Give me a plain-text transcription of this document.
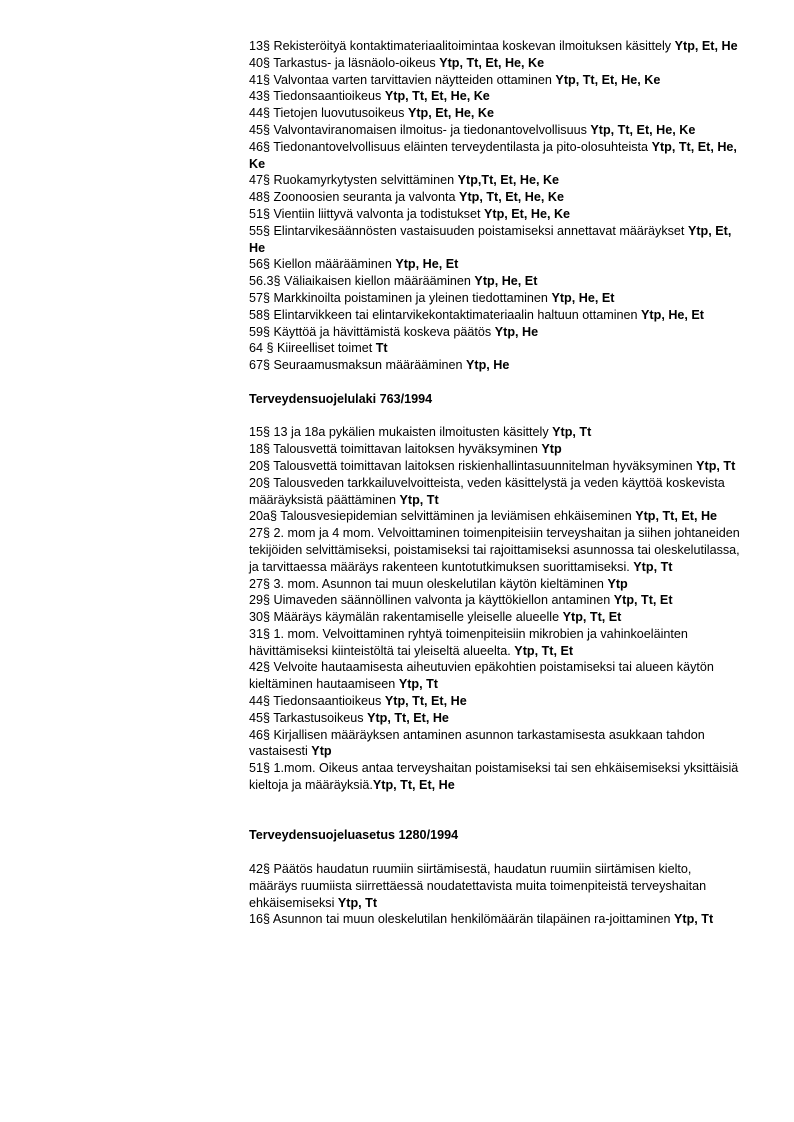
13§ Rekisteröityä kontaktimateriaalitoimintaa koskevan ilmoituksen käsittely Ytp, Et, He

40§ Tarkastus- ja läsnäolo-oikeus Ytp, Tt, Et, He, Ke

41§ Valvontaa varten tarvittavien näytteiden ottaminen Ytp, Tt, Et, He, Ke

43§ Tiedonsaantioikeus Ytp, Tt, Et, He, Ke

44§ Tietojen luovutusoikeus Ytp, Et, He, Ke

45§ Valvontaviranomaisen ilmoitus- ja tiedonantovelvollisuus Ytp, Tt, Et, He, Ke

46§ Tiedonantovelvollisuus eläinten terveydentilasta ja pito-olosuhteista Ytp, Tt, Et, He, Ke

47§ Ruokamyrkytysten selvittäminen Ytp,Tt, Et, He, Ke

48§ Zoonoosien seuranta ja valvonta Ytp, Tt, Et, He, Ke

51§ Vientiin liittyvä valvonta ja todistukset Ytp, Et, He, Ke

55§ Elintarvikesäännösten vastaisuuden poistamiseksi annettavat määräykset Ytp, Et, He

56§ Kiellon määrääminen Ytp, He, Et

56.3§ Väliaikaisen kiellon määrääminen Ytp, He, Et

57§ Markkinoilta poistaminen ja yleinen tiedottaminen Ytp, He, Et

58§ Elintarvikkeen tai elintarvikekontaktimateriaalin haltuun ottaminen Ytp, He, Et

59§ Käyttöä ja hävittämistä koskeva päätös Ytp, He

64 § Kiireelliset toimet Tt

67§ Seuraamusmaksun määrääminen Ytp, He

Terveydensuojelulaki 763/1994

15§ 13 ja 18a pykälien mukaisten ilmoitusten käsittely Ytp, Tt

18§ Talousvettä toimittavan laitoksen hyväksyminen Ytp

20§ Talousvettä toimittavan laitoksen riskienhallintasuunnitelman hyväksyminen Ytp, Tt

20§ Talousveden tarkkailuvelvoitteista, veden käsittelystä ja veden käyttöä koskevista määräyksistä päättäminen Ytp, Tt

20a§ Talousvesiepidemian selvittäminen ja leviämisen ehkäiseminen Ytp, Tt, Et, He

27§ 2. mom ja 4 mom. Velvoittaminen toimenpiteisiin terveyshaitan ja siihen johtaneiden tekijöiden selvittämiseksi, poistamiseksi tai rajoittamiseksi asunnossa tai oleskelutilassa, ja tarvittaessa määräys rakenteen kuntotutkimuksen suorittamiseksi. Ytp, Tt

27§ 3. mom. Asunnon tai muun oleskelutilan käytön kieltäminen Ytp

29§ Uimaveden säännöllinen valvonta ja käyttökiellon antaminen Ytp, Tt, Et

30§ Määräys käymälän rakentamiselle yleiselle alueelle Ytp, Tt, Et

31§ 1. mom. Velvoittaminen ryhtyä toimenpiteisiin mikrobien ja vahinkoeläinten hävittämiseksi kiinteistöltä tai yleiseltä alueelta. Ytp, Tt, Et

42§ Velvoite hautaamisesta aiheutuvien epäkohtien poistamiseksi tai alueen käytön kieltäminen hautaamiseen Ytp, Tt

44§ Tiedonsaantioikeus Ytp, Tt, Et, He

45§ Tarkastusoikeus Ytp, Tt, Et, He

46§ Kirjallisen määräyksen antaminen asunnon tarkastamisesta asukkaan tahdon vastaisesti Ytp

51§ 1.mom. Oikeus antaa terveyshaitan poistamiseksi tai sen ehkäisemiseksi yksittäisiä kieltoja ja määräyksiä.Ytp, Tt, Et, He

Terveydensuojeluasetus 1280/1994

42§ Päätös haudatun ruumiin siirtämisestä, haudatun ruumiin siirtämisen kielto, määräys ruumiista siirrettäessä noudatettavista muita toimenpiteistä terveyshaitan ehkäisemiseksi Ytp, Tt

16§ Asunnon tai muun oleskelutilan henkilömäärän tilapäinen ra-joittaminen Ytp, Tt
